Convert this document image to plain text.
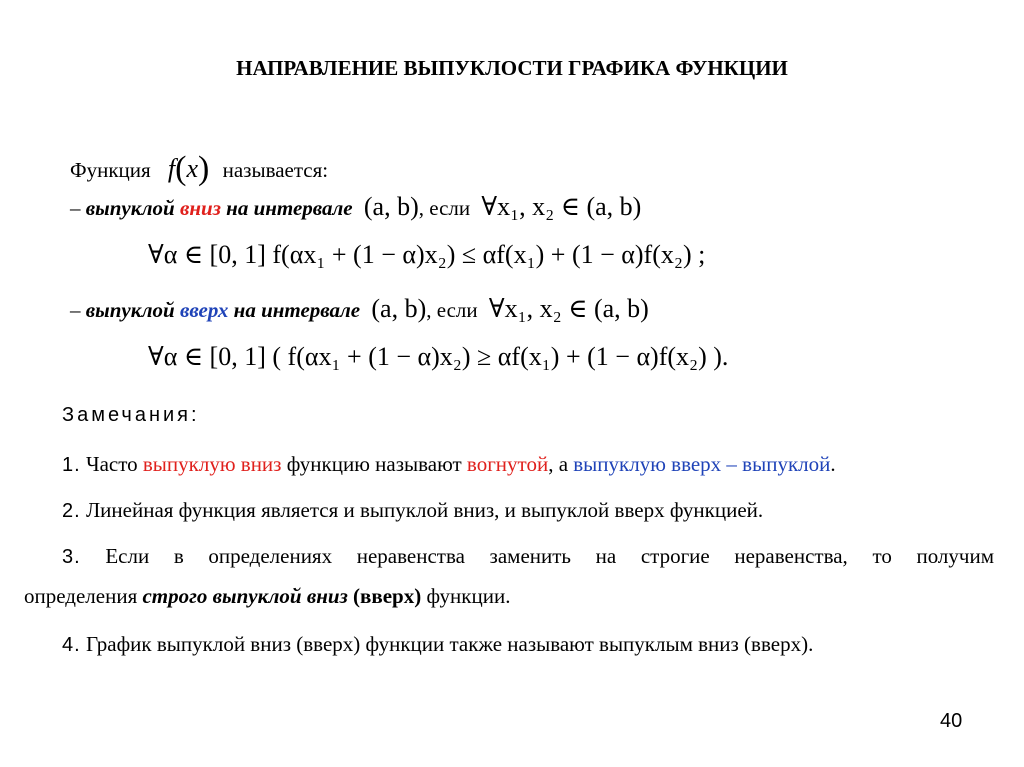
НАПРАВЛЕНИЕ ВЫПУКЛОСТИ ГРАФИКА ФУНКЦИИ
Функция f(x) называется:
– выпуклой вниз на интервале (a, b), если ∀x₁, x₂ ∈ (a, b)
∀α ∈ [0, 1] f(αx₁ + (1 − α)x₂) ≤ αf(x₁) + (1 − α)f(x₂) ;
– выпуклой вверх на интервале (a, b), если ∀x₁, x₂ ∈ (a, b)
∀α ∈ [0, 1] ( f(αx₁ + (1 − α)x₂) ≥ αf(x₁) + (1 − α)f(x₂) ).
Замечания:
1. Часто выпуклую вниз функцию называют вогнутой, а выпуклую вверх – выпуклой.
2. Линейная функция является и выпуклой вниз, и выпуклой вверх функцией.
3. Если в определениях неравенства заменить на строгие неравенства, то получим
определения строго выпуклой вниз (вверх) функции.
4. График выпуклой вниз (вверх) функции также называют выпуклым вниз (вверх).
40
